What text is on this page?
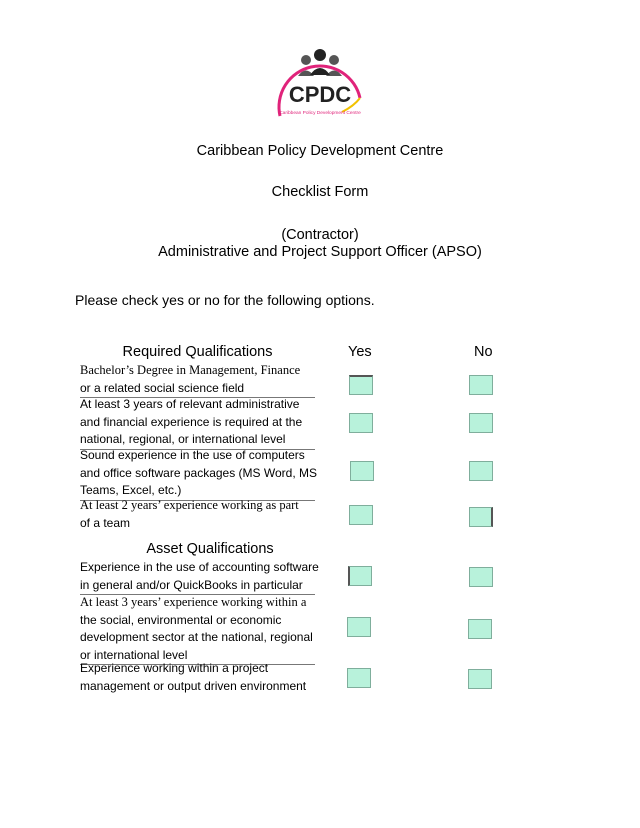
CPDC
Caribbean Policy Development Centre
Caribbean Policy Development Centre
Checklist Form
(Contractor)
Administrative and Project Support Officer (APSO)
Please check yes or no for the following options.
Required Qualifications	Yes	No
Bachelor’s Degree in Management, Finance
or a related social science field
At least 3 years of relevant administrative
and financial experience is required at the
national, regional, or international level
Sound experience in the use of computers
and office software packages (MS Word, MS
Teams, Excel, etc.)
At least 2 years’ experience working as part
of a team
Asset Qualifications
Experience in the use of accounting software
in general and/or QuickBooks in particular
At least 3 years’ experience working within a
the social, environmental or economic
development sector at the national, regional
or international level
Experience working within a project
management or output driven environment
